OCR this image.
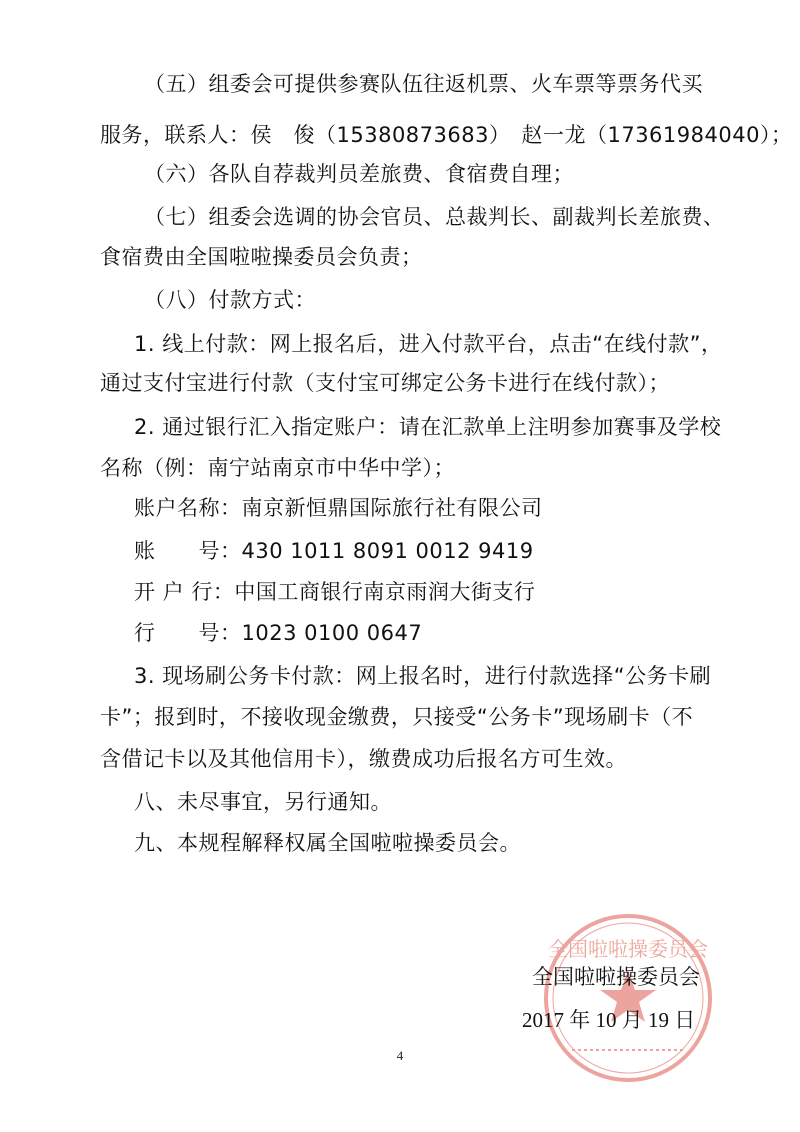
（五）组委会可提供参赛队伍往返机票、火车票等票务代买
服务，联系人：侯　俊（15380873683）　赵一龙（17361984040）；
（六）各队自荐裁判员差旅费、食宿费自理；
（七）组委会选调的协会官员、总裁判长、副裁判长差旅费、
食宿费由全国啦啦操委员会负责；
（八）付款方式：
1. 线上付款：网上报名后，进入付款平台，点击“在线付款”，
通过支付宝进行付款（支付宝可绑定公务卡进行在线付款）；
2. 通过银行汇入指定账户：请在汇款单上注明参加赛事及学校
名称（例：南宁站南京市中华中学）；
账户名称：南京新恒鼎国际旅行社有限公司
账　　号：430 1011 8091 0012 9419
开 户 行：中国工商银行南京雨润大街支行
行　　号：1023 0100 0647
3. 现场刷公务卡付款：网上报名时，进行付款选择“公务卡刷
卡”；报到时，不接收现金缴费，只接受“公务卡”现场刷卡（不
含借记卡以及其他信用卡），缴费成功后报名方可生效。
八、未尽事宜，另行通知。
九、本规程解释权属全国啦啦操委员会。
全国啦啦操委员会
全国啦啦操委员会
2017 年 10 月 19 日
4
